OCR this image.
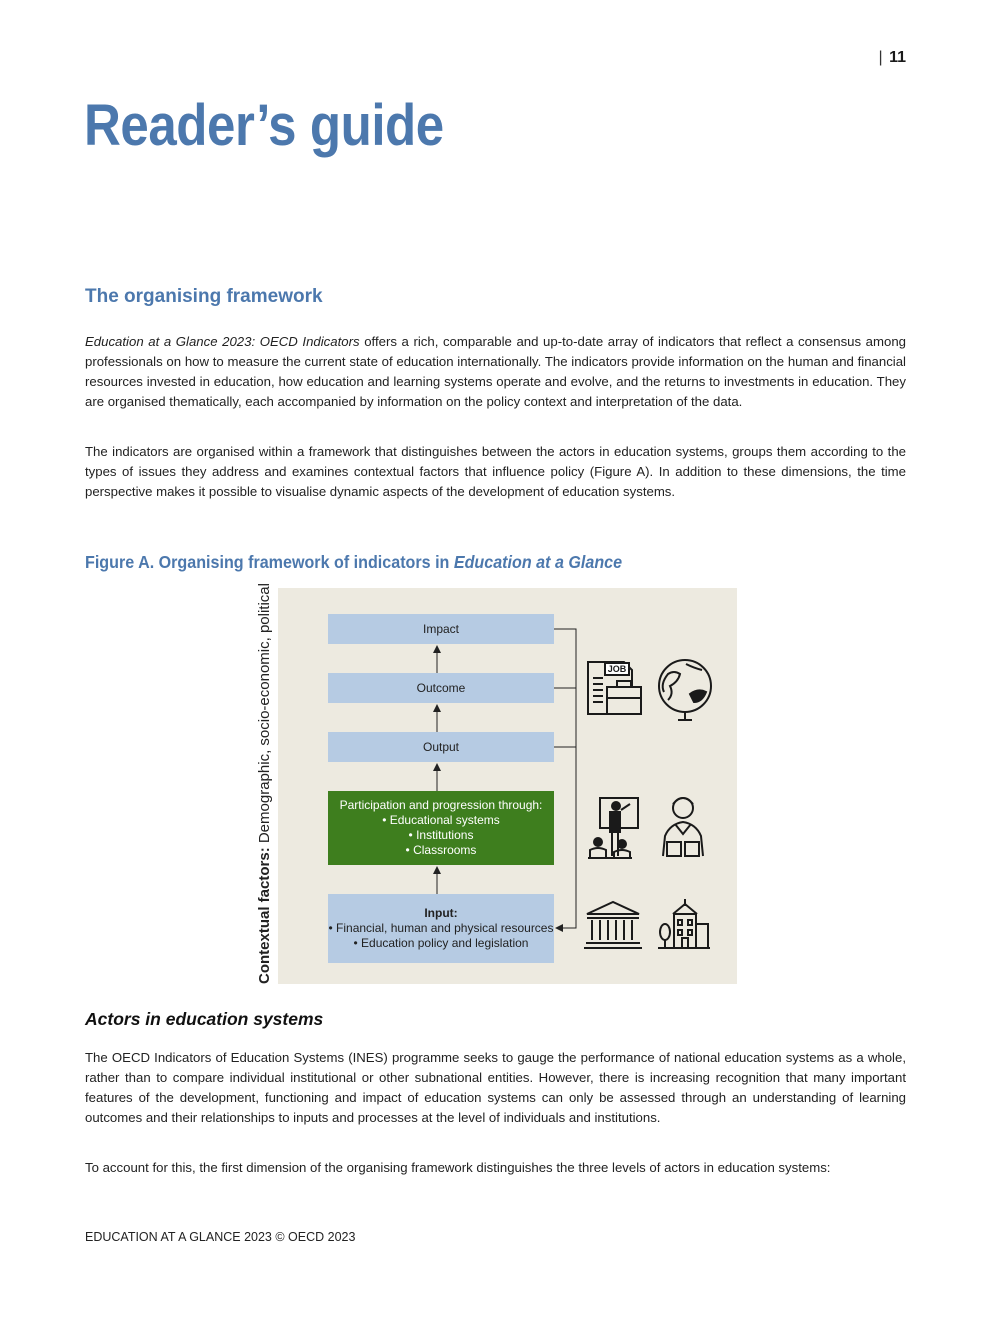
| 11
Reader’s guide
The organising framework

Education at a Glance 2023: OECD Indicators offers a rich, comparable and up-to-date array of indicators that reflect a consensus among professionals on how to measure the current state of education internationally. The indicators provide information on the human and financial resources invested in education, how education and learning systems operate and evolve, and the returns to investments in education. They are organised thematically, each accompanied by information on the policy context and interpretation of the data.

The indicators are organised within a framework that distinguishes between the actors in education systems, groups them according to the types of issues they address and examines contextual factors that influence policy (Figure A). In addition to these dimensions, the time perspective makes it possible to visualise dynamic aspects of the development of education systems.

Figure A. Organising framework of indicators in Education at a Glance

Contextual factors: Demographic, socio-economic, political	Impact
Outcome
Output
Participation and progression through:
• Educational systems
• Institutions
• Classrooms
Input:
• Financial, human and physical resources
• Education policy and legislation
JOB
Actors in education systems

The OECD Indicators of Education Systems (INES) programme seeks to gauge the performance of national education systems as a whole, rather than to compare individual institutional or other subnational entities. However, there is increasing recognition that many important features of the development, functioning and impact of education systems can only be assessed through an understanding of learning outcomes and their relationships to inputs and processes at the level of individuals and institutions.

To account for this, the first dimension of the organising framework distinguishes the three levels of actors in education systems:

EDUCATION AT A GLANCE 2023 © OECD 2023
